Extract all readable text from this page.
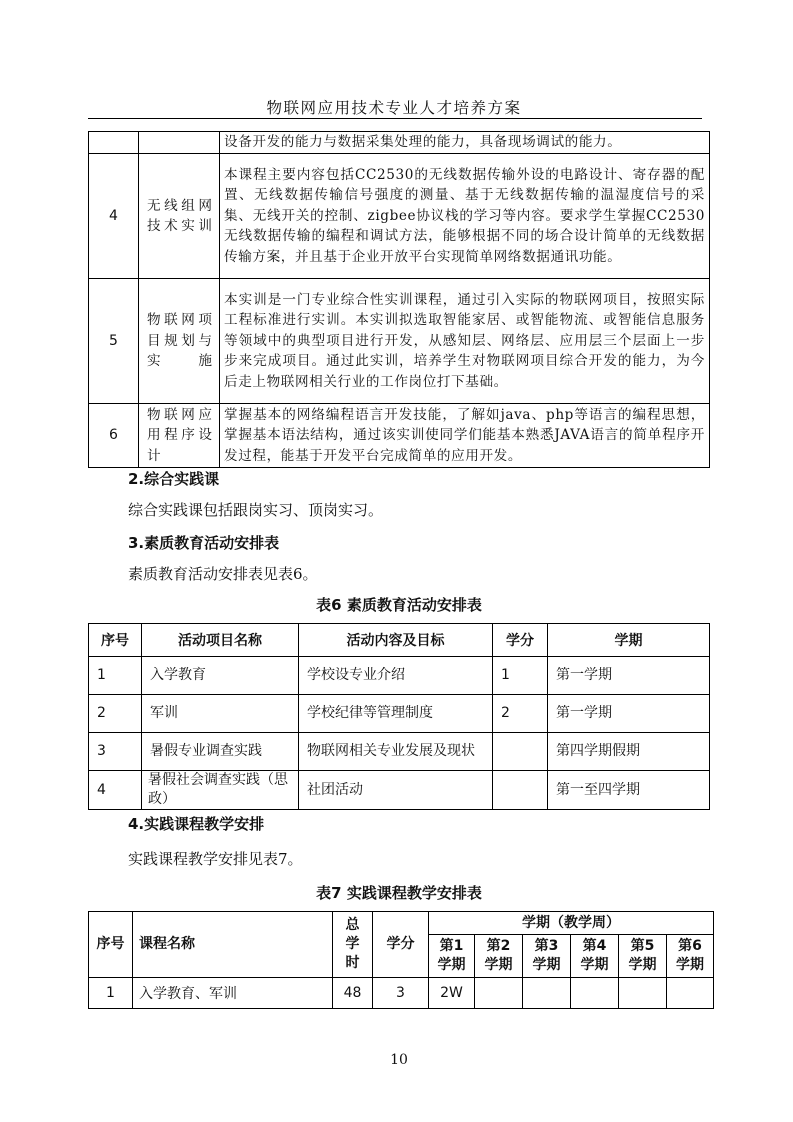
物联网应用技术专业人才培养方案
		设备开发的能力与数据采集处理的能力，具备现场调试的能力。
4	无线组网技术实训	本课程主要内容包括CC2530的无线数据传输外设的电路设计、寄存器的配置、无线数据传输信号强度的测量、基于无线数据传输的温湿度信号的采集、无线开关的控制、zigbee协议栈的学习等内容。要求学生掌握CC2530无线数据传输的编程和调试方法，能够根据不同的场合设计简单的无线数据传输方案，并且基于企业开放平台实现简单网络数据通讯功能。
5	物联网项目规划与实施	本实训是一门专业综合性实训课程，通过引入实际的物联网项目，按照实际工程标准进行实训。本实训拟选取智能家居、或智能物流、或智能信息服务等领域中的典型项目进行开发，从感知层、网络层、应用层三个层面上一步步来完成项目。通过此实训，培养学生对物联网项目综合开发的能力，为今后走上物联网相关行业的工作岗位打下基础。
6	物联网应用程序设计	掌握基本的网络编程语言开发技能，了解如java、php等语言的编程思想，掌握基本语法结构，通过该实训使同学们能基本熟悉JAVA语言的简单程序开发过程，能基于开发平台完成简单的应用开发。
2.综合实践课
综合实践课包括跟岗实习、顶岗实习。
3.素质教育活动安排表
素质教育活动安排表见表6。
表6 素质教育活动安排表
序号	活动项目名称	活动内容及目标	学分	学期
1	入学教育	学校设专业介绍	1	第一学期
2	军训	学校纪律等管理制度	2	第一学期
3	暑假专业调查实践	物联网相关专业发展及现状		第四学期假期
4	暑假社会调查实践（思政）	社团活动		第一至四学期
4.实践课程教学安排
实践课程教学安排见表7。
表7 实践课程教学安排表
序号	课程名称	总学时	学分	学期（教学周）					
				第1学期	第2学期	第3学期	第4学期	第5学期	第6学期
1	入学教育、军训	48	3	2W					
10
